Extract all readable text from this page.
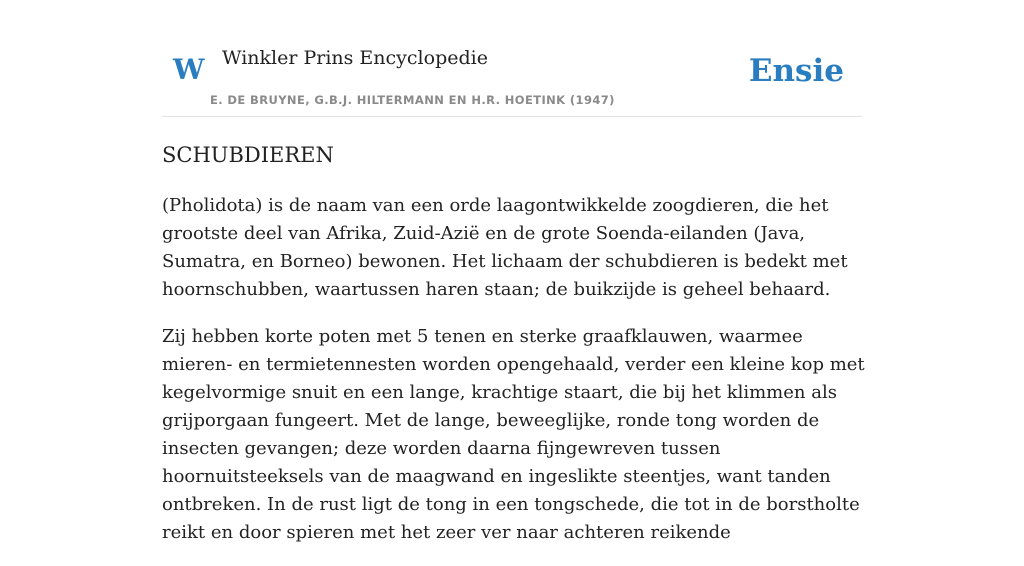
W Winkler Prins Encyclopedie
E. DE BRUYNE, G.B.J. HILTERMANN EN H.R. HOETINK (1947)
Ensie
SCHUBDIEREN

(Pholidota) is de naam van een orde laagontwikkelde zoogdieren, die het grootste deel van Afrika, Zuid-Azië en de grote Soenda-eilanden (Java, Sumatra, en Borneo) bewonen. Het lichaam der schubdieren is bedekt met hoornschubben, waartussen haren staan; de buikzijde is geheel behaard.

Zij hebben korte poten met 5 tenen en sterke graafklauwen, waarmee mieren- en termietennesten worden opengehaald, verder een kleine kop met kegelvormige snuit en een lange, krachtige staart, die bij het klimmen als grijporgaan fungeert. Met de lange, beweeglijke, ronde tong worden de insecten gevangen; deze worden daarna fijngewreven tussen hoornuitsteeksels van de maagwand en ingeslikte steentjes, want tanden ontbreken. In de rust ligt de tong in een tongschede, die tot in de borstholte reikt en door spieren met het zeer ver naar achteren reikende
